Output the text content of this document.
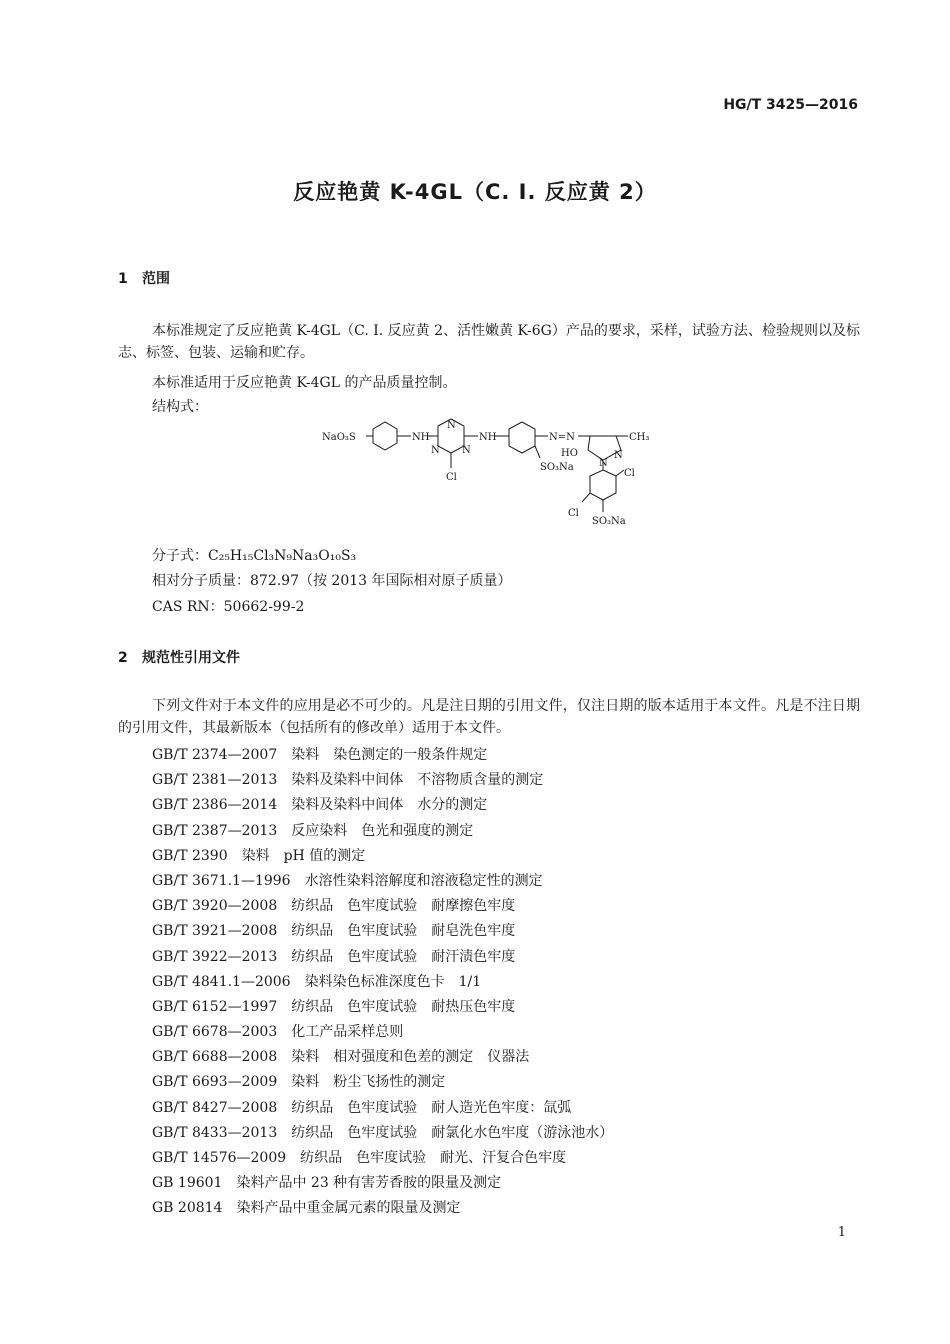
HG/T 3425—2016
反应艳黄 K-4GL（C. I. 反应黄 2）
1 范围
本标准规定了反应艳黄 K-4GL（C. I. 反应黄 2、活性嫩黄 K-6G）产品的要求，采样，试验方法、检验规则以及标志、标签、包装、运输和贮存。
本标准适用于反应艳黄 K-4GL 的产品质量控制。
结构式：
NaO₃S	NH
N
N N
Cl
NH	N=N	CH₃
HO	N
N
SO₃Na
Cl
Cl
SO₃Na
分子式：C₂₅H₁₅Cl₃N₉Na₃O₁₀S₃
相对分子质量：872.97（按 2013 年国际相对原子质量）
CAS RN：50662-99-2
2 规范性引用文件
下列文件对于本文件的应用是必不可少的。凡是注日期的引用文件，仅注日期的版本适用于本文件。凡是不注日期的引用文件，其最新版本（包括所有的修改单）适用于本文件。
GB/T 2374—2007 染料　染色测定的一般条件规定
GB/T 2381—2013 染料及染料中间体　不溶物质含量的测定
GB/T 2386—2014 染料及染料中间体　水分的测定
GB/T 2387—2013 反应染料　色光和强度的测定
GB/T 2390 染料　pH 值的测定
GB/T 3671.1—1996 水溶性染料溶解度和溶液稳定性的测定
GB/T 3920—2008 纺织品　色牢度试验　耐摩擦色牢度
GB/T 3921—2008 纺织品　色牢度试验　耐皂洗色牢度
GB/T 3922—2013 纺织品　色牢度试验　耐汗渍色牢度
GB/T 4841.1—2006 染料染色标准深度色卡　1/1
GB/T 6152—1997 纺织品　色牢度试验　耐热压色牢度
GB/T 6678—2003 化工产品采样总则
GB/T 6688—2008 染料　相对强度和色差的测定　仪器法
GB/T 6693—2009 染料　粉尘飞扬性的测定
GB/T 8427—2008 纺织品　色牢度试验　耐人造光色牢度：氙弧
GB/T 8433—2013 纺织品　色牢度试验　耐氯化水色牢度（游泳池水）
GB/T 14576—2009 纺织品　色牢度试验　耐光、汗复合色牢度
GB 19601 染料产品中 23 种有害芳香胺的限量及测定
GB 20814 染料产品中重金属元素的限量及测定
1
